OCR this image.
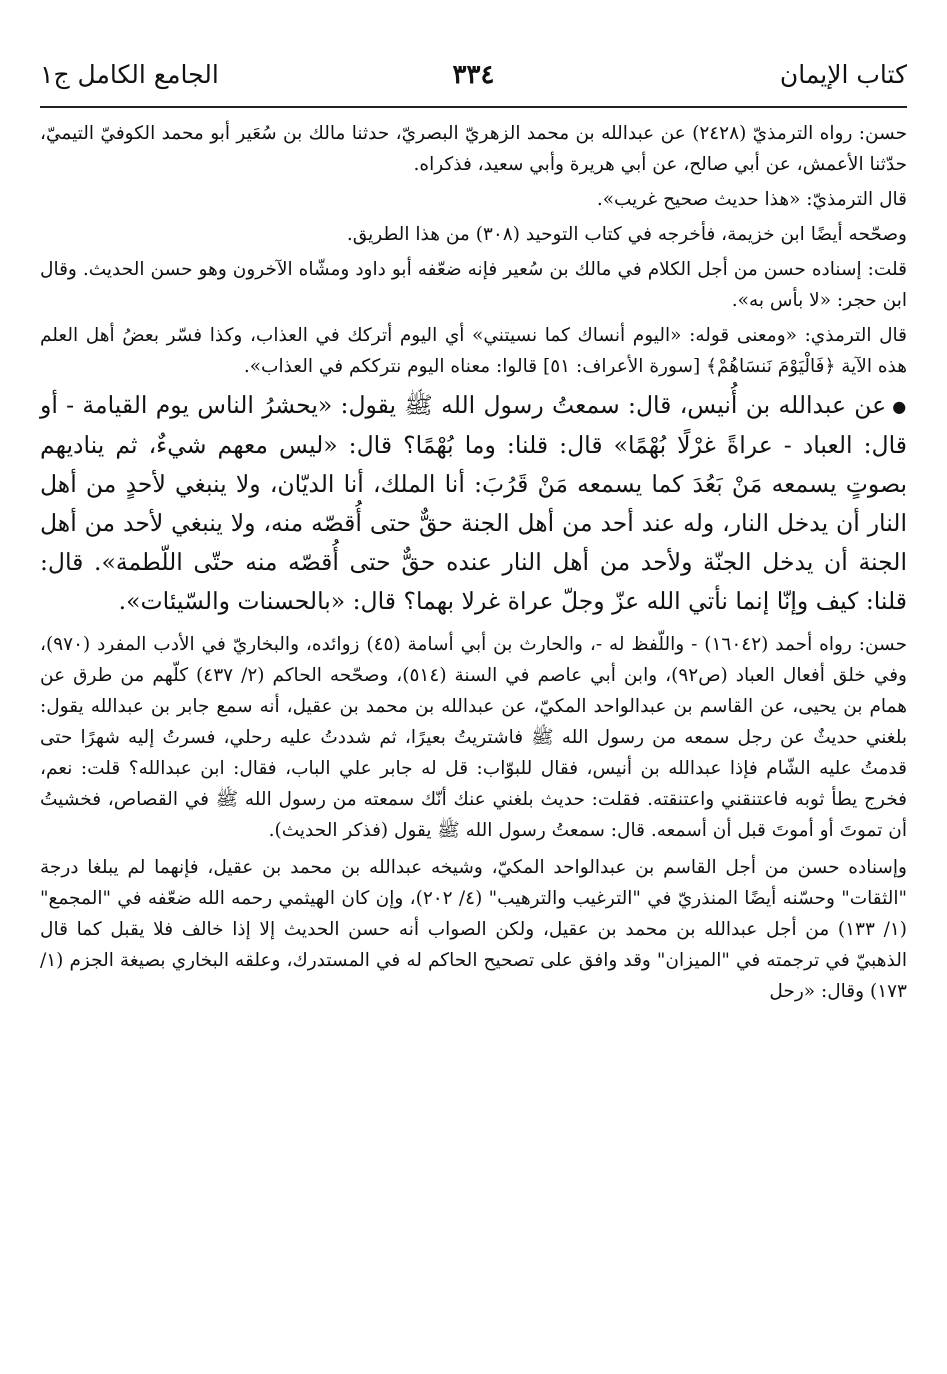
كتاب الإيمان
٣٣٤
الجامع الكامل ج١

حسن: رواه الترمذيّ (٢٤٢٨) عن عبدالله بن محمد الزهريّ البصريّ، حدثنا مالك بن سُعَير أبو محمد الكوفيّ التيميّ، حدّثنا الأعمش، عن أبي صالح، عن أبي هريرة وأبي سعيد، فذكراه.

قال الترمذيّ: «هذا حديث صحيح غريب».

وصحّحه أيضًا ابن خزيمة، فأخرجه في كتاب التوحيد (٣٠٨) من هذا الطريق.

قلت: إسناده حسن من أجل الكلام في مالك بن سُعير فإنه ضعّفه أبو داود ومشّاه الآخرون وهو حسن الحديث. وقال ابن حجر: «لا بأس به».

قال الترمذي: «ومعنى قوله: «اليوم أنساك كما نسيتني» أي اليوم أتركك في العذاب، وكذا فسّر بعضُ أهل العلم هذه الآية ﴿فَالْيَوْمَ نَنسَاهُمْ﴾ [سورة الأعراف: ٥١] قالوا: معناه اليوم نترككم في العذاب».

●عن عبدالله بن أُنيس، قال: سمعتُ رسول الله ﷺ يقول: «يحشرُ الناس يوم القيامة - أو قال: العباد - عراةً غرْلًا بُهْمًا» قال: قلنا: وما بُهْمًا؟ قال: «ليس معهم شيءٌ، ثم يناديهم بصوتٍ يسمعه مَنْ بَعُدَ كما يسمعه مَنْ قَرُبَ: أنا الملك، أنا الديّان، ولا ينبغي لأحدٍ من أهل النار أن يدخل النار، وله عند أحد من أهل الجنة حقٌّ حتى أُقصّه منه، ولا ينبغي لأحد من أهل الجنة أن يدخل الجنّة ولأحد من أهل النار عنده حقٌّ حتى أُقصّه منه حتّى اللّطمة». قال: قلنا: كيف وإنّا إنما نأتي الله عزّ وجلّ عراة غرلا بهما؟ قال: «بالحسنات والسّيئات».

حسن: رواه أحمد (١٦٠٤٢) - واللّفظ له -، والحارث بن أبي أسامة (٤٥) زوائده، والبخاريّ في الأدب المفرد (٩٧٠)، وفي خلق أفعال العباد (ص٩٢)، وابن أبي عاصم في السنة (٥١٤)، وصحّحه الحاكم (٢/ ٤٣٧) كلّهم من طرق عن همام بن يحيى، عن القاسم بن عبدالواحد المكيّ، عن عبدالله بن محمد بن عقيل، أنه سمع جابر بن عبدالله يقول: بلغني حديثٌ عن رجل سمعه من رسول الله ﷺ فاشتريتُ بعيرًا، ثم شددتُ عليه رحلي، فسرتُ إليه شهرًا حتى قدمتُ عليه الشّام فإذا عبدالله بن أنيس، فقال للبوّاب: قل له جابر علي الباب، فقال: ابن عبدالله؟ قلت: نعم، فخرج يطأ ثوبه فاعتنقني واعتنقته. فقلت: حديث بلغني عنك أنّك سمعته من رسول الله ﷺ في القصاص، فخشيتُ أن تموتَ أو أموتَ قبل أن أسمعه. قال: سمعتُ رسول الله ﷺ يقول (فذكر الحديث).

وإسناده حسن من أجل القاسم بن عبدالواحد المكيّ، وشيخه عبدالله بن محمد بن عقيل، فإنهما لم يبلغا درجة "الثقات" وحسّنه أيضًا المنذريّ في "الترغيب والترهيب" (٤/ ٢٠٢)، وإن كان الهيثمي رحمه الله ضعّفه في "المجمع" (١/ ١٣٣) من أجل عبدالله بن محمد بن عقيل، ولكن الصواب أنه حسن الحديث إلا إذا خالف فلا يقبل كما قال الذهبيّ في ترجمته في "الميزان" وقد وافق على تصحيح الحاكم له في المستدرك، وعلقه البخاري بصيغة الجزم (١/ ١٧٣) وقال: «رحل
